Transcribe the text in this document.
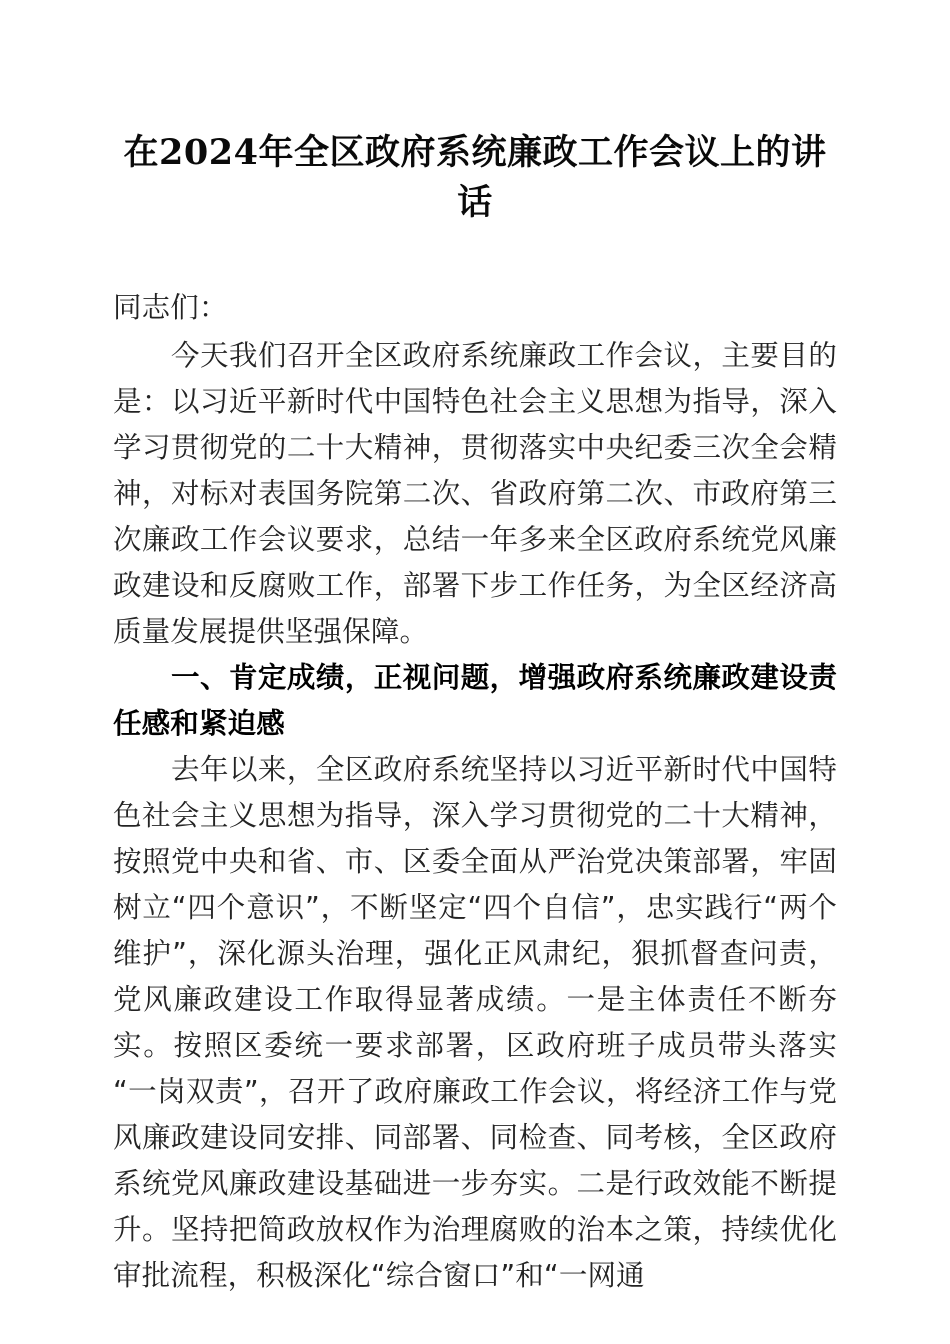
在2024年全区政府系统廉政工作会议上的讲话

同志们：

今天我们召开全区政府系统廉政工作会议，主要目的是：以习近平新时代中国特色社会主义思想为指导，深入学习贯彻党的二十大精神，贯彻落实中央纪委三次全会精神，对标对表国务院第二次、省政府第二次、市政府第三次廉政工作会议要求，总结一年多来全区政府系统党风廉政建设和反腐败工作，部署下步工作任务，为全区经济高质量发展提供坚强保障。

一、肯定成绩，正视问题，增强政府系统廉政建设责任感和紧迫感

去年以来，全区政府系统坚持以习近平新时代中国特色社会主义思想为指导，深入学习贯彻党的二十大精神，按照党中央和省、市、区委全面从严治党决策部署，牢固树立“四个意识”，不断坚定“四个自信”，忠实践行“两个维护”，深化源头治理，强化正风肃纪，狠抓督查问责，党风廉政建设工作取得显著成绩。一是主体责任不断夯实。按照区委统一要求部署，区政府班子成员带头落实“一岗双责”，召开了政府廉政工作会议，将经济工作与党风廉政建设同安排、同部署、同检查、同考核，全区政府系统党风廉政建设基础进一步夯实。二是行政效能不断提升。坚持把简政放权作为治理腐败的治本之策，持续优化审批流程，积极深化“综合窗口”和“一网通
